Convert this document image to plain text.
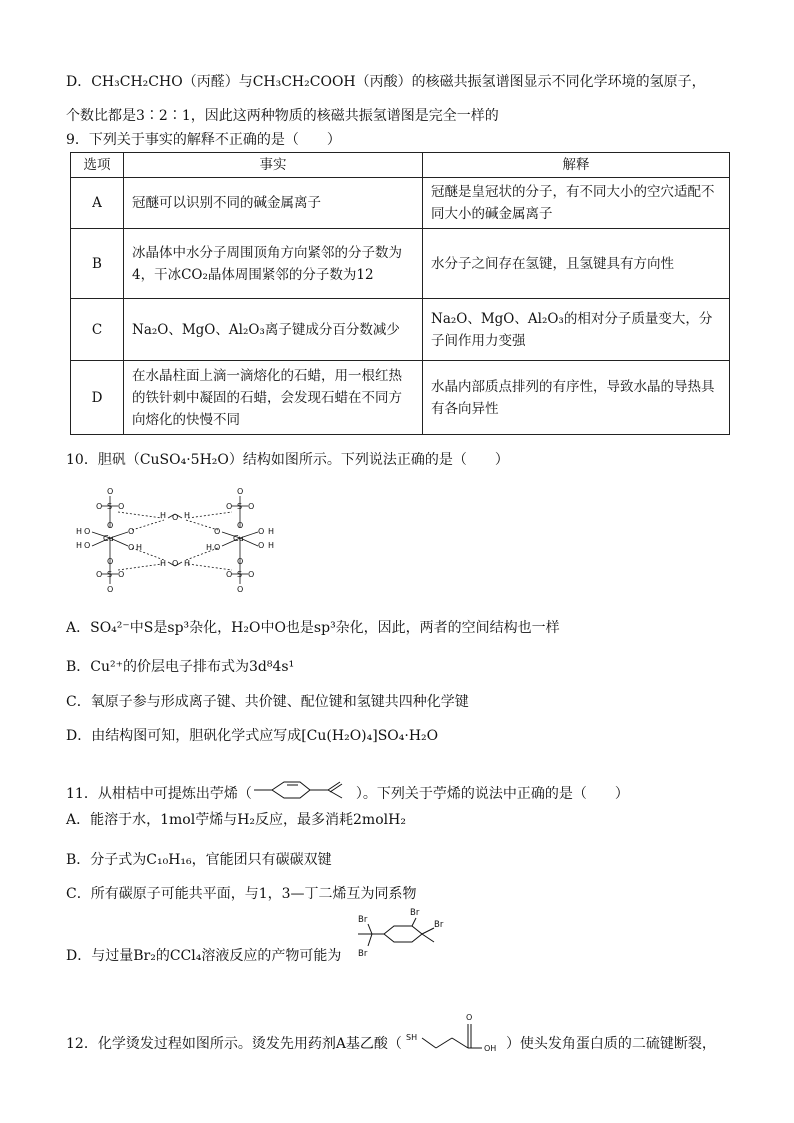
D．CH₃CH₂CHO（丙醛）与CH₃CH₂COOH（丙酸）的核磁共振氢谱图显示不同化学环境的氢原子，
个数比都是3∶2∶1，因此这两种物质的核磁共振氢谱图是完全一样的
9．下列关于事实的解释不正确的是（　　）
选项	事实	解释
A	冠醚可以识别不同的碱金属离子	冠醚是皇冠状的分子，有不同大小的空穴适配不同大小的碱金属离子
B	冰晶体中水分子周围顶角方向紧邻的分子数为4，干冰CO₂晶体周围紧邻的分子数为12	水分子之间存在氢键，且氢键具有方向性
C	Na₂O、MgO、Al₂O₃离子键成分百分数减少	Na₂O、MgO、Al₂O₃的相对分子质量变大，分子间作用力变强
D	在水晶柱面上滴一滴熔化的石蜡，用一根红热的铁针刺中凝固的石蜡，会发现石蜡在不同方向熔化的快慢不同	水晶内部质点排列的有序性，导致水晶的导热具有各向异性
10．胆矾（CuSO₄·5H₂O）结构如图所示。下列说法正确的是（　　）
O
S
O O
O
Cu
O
H
O
H
O
O H
O
S
O O
O
O
H H
O
H H
O
S
O O
O
Cu
O
O
H
O H
O H
O
S
O O
O
A．SO₄²⁻中S是sp³杂化，H₂O中O也是sp³杂化，因此，两者的空间结构也一样
B．Cu²⁺的价层电子排布式为3d⁸4s¹
C．氧原子参与形成离子键、共价键、配位键和氢键共四种化学键
D．由结构图可知，胆矾化学式应写成[Cu(H₂O)₄]SO₄·H₂O
11．从柑桔中可提炼出苧烯（	）。下列关于苧烯的说法中正确的是（　　）
A．能溶于水，1mol苧烯与H₂反应，最多消耗2molH₂
B．分子式为C₁₀H₁₆，官能团只有碳碳双键
C．所有碳原子可能共平面，与1，3—丁二烯互为同系物
D．与过量Br₂的CCl₄溶液反应的产物可能为
Br
Br
Br
Br
12．化学烫发过程如图所示。烫发先用药剂A基乙酸（ SH
O
OH ）使头发角蛋白质的二硫键断裂，
